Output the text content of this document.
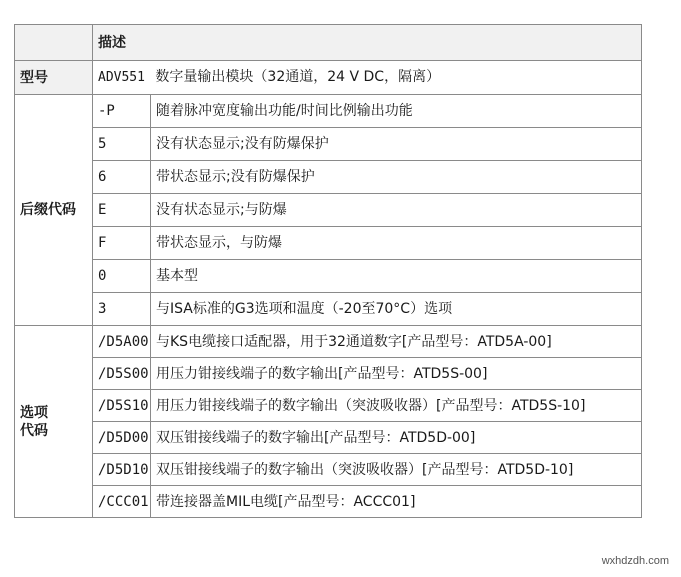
	描述	
型号	ADV551 数字量输出模块（32通道，24 V DC，隔离）	
后缀代码	-P	随着脉冲宽度输出功能/时间比例输出功能
	5	没有状态显示;没有防爆保护
	6	带状态显示;没有防爆保护
	E	没有状态显示;与防爆
	F	带状态显示，与防爆
	0	基本型
	3	与ISA标准的G3选项和温度（-20至70°C）选项

选项
代码	/D5A00	与KS电缆接口适配器，用于32通道数字[产品型号：ATD5A-00]
	/D5S00	用压力钳接线端子的数字输出[产品型号：ATD5S-00]
	/D5S10	用压力钳接线端子的数字输出（突波吸收器）[产品型号：ATD5S-10]
	/D5D00	双压钳接线端子的数字输出[产品型号：ATD5D-00]
	/D5D10	双压钳接线端子的数字输出（突波吸收器）[产品型号：ATD5D-10]
	/CCC01	带连接器盖MIL电缆[产品型号：ACCC01]
wxhdzdh.com
